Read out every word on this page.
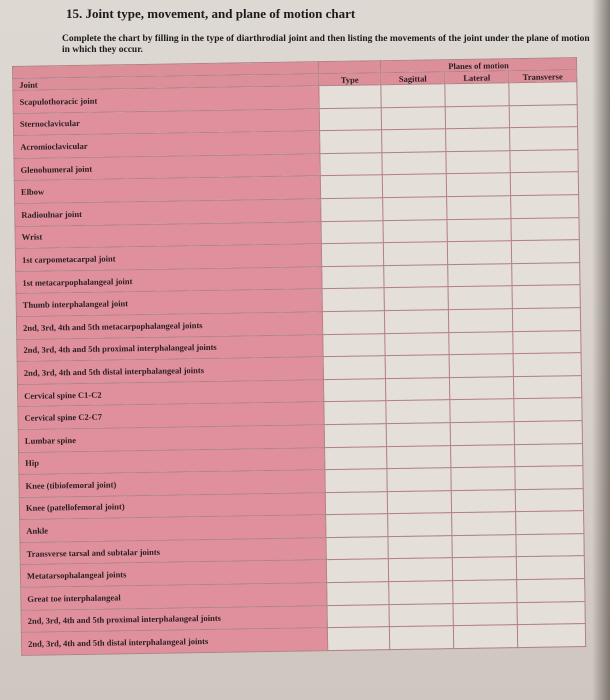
15. Joint type, movement, and plane of motion chart
Complete the chart by filling in the type of diarthrodial joint and then listing the movements of the joint under the plane of motion in which they occur.
		Planes of motion		
Joint	Type	Sagittal	Lateral	Transverse
Scapulothoracic joint				
Sternoclavicular				
Acromioclavicular				
Glenohumeral joint				
Elbow				
Radioulnar joint				
Wrist				
1st carpometacarpal joint				
1st metacarpophalangeal joint				
Thumb interphalangeal joint				
2nd, 3rd, 4th and 5th metacarpophalangeal joints				
2nd, 3rd, 4th and 5th proximal interphalangeal joints				
2nd, 3rd, 4th and 5th distal interphalangeal joints				
Cervical spine C1-C2				
Cervical spine C2-C7				
Lumbar spine				
Hip				
Knee (tibiofemoral joint)				
Knee (patellofemoral joint)				
Ankle				
Transverse tarsal and subtalar joints				
Metatarsophalangeal joints				
Great toe interphalangeal				
2nd, 3rd, 4th and 5th proximal interphalangeal joints				
2nd, 3rd, 4th and 5th distal interphalangeal joints				
